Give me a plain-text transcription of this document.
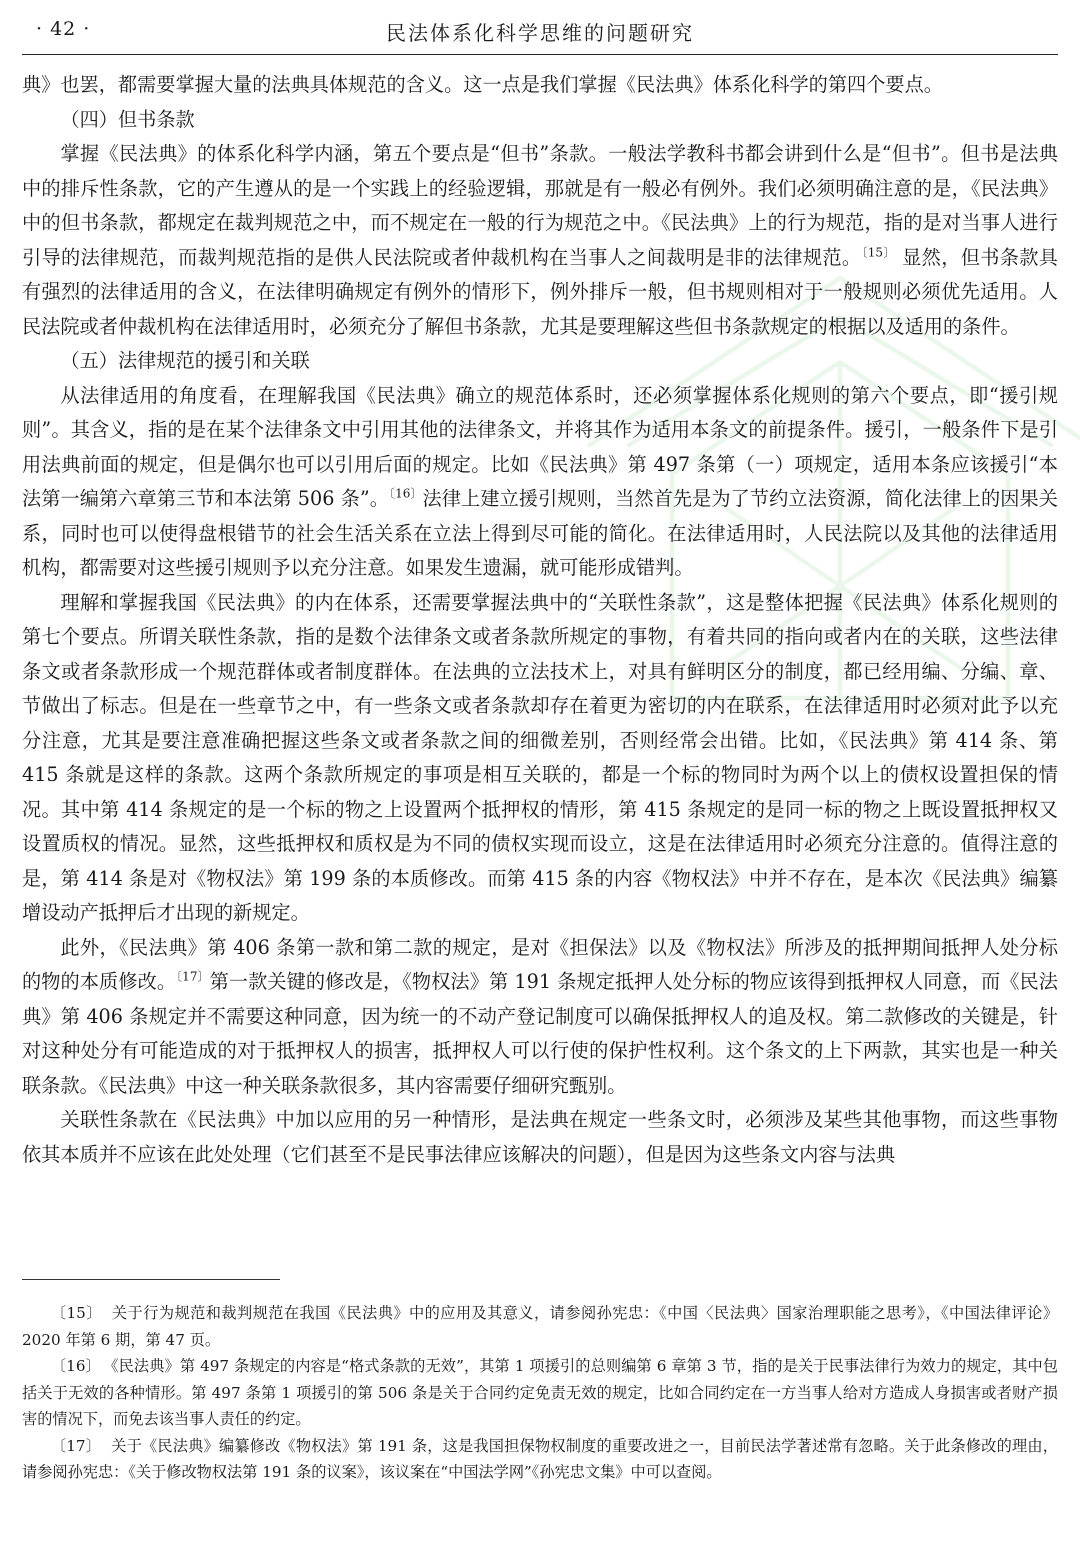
· 42 ·	民法体系化科学思维的问题研究

典》也罢，都需要掌握大量的法典具体规范的含义。这一点是我们掌握《民法典》体系化科学的第四个要点。

（四）但书条款

掌握《民法典》的体系化科学内涵，第五个要点是“但书”条款。一般法学教科书都会讲到什么是“但书”。但书是法典中的排斥性条款，它的产生遵从的是一个实践上的经验逻辑，那就是有一般必有例外。我们必须明确注意的是，《民法典》中的但书条款，都规定在裁判规范之中，而不规定在一般的行为规范之中。《民法典》上的行为规范，指的是对当事人进行引导的法律规范，而裁判规范指的是供人民法院或者仲裁机构在当事人之间裁明是非的法律规范。$^{〔15〕}$ 显然，但书条款具有强烈的法律适用的含义，在法律明确规定有例外的情形下，例外排斥一般，但书规则相对于一般规则必须优先适用。人民法院或者仲裁机构在法律适用时，必须充分了解但书条款，尤其是要理解这些但书条款规定的根据以及适用的条件。

（五）法律规范的援引和关联

从法律适用的角度看，在理解我国《民法典》确立的规范体系时，还必须掌握体系化规则的第六个要点，即“援引规则”。其含义，指的是在某个法律条文中引用其他的法律条文，并将其作为适用本条文的前提条件。援引，一般条件下是引用法典前面的规定，但是偶尔也可以引用后面的规定。比如《民法典》第 497 条第（一）项规定，适用本条应该援引“本法第一编第六章第三节和本法第 506 条”。$^{〔16〕}$法律上建立援引规则，当然首先是为了节约立法资源，简化法律上的因果关系，同时也可以使得盘根错节的社会生活关系在立法上得到尽可能的简化。在法律适用时，人民法院以及其他的法律适用机构，都需要对这些援引规则予以充分注意。如果发生遗漏，就可能形成错判。

理解和掌握我国《民法典》的内在体系，还需要掌握法典中的“关联性条款”，这是整体把握《民法典》体系化规则的第七个要点。所谓关联性条款，指的是数个法律条文或者条款所规定的事物，有着共同的指向或者内在的关联，这些法律条文或者条款形成一个规范群体或者制度群体。在法典的立法技术上，对具有鲜明区分的制度，都已经用编、分编、章、节做出了标志。但是在一些章节之中，有一些条文或者条款却存在着更为密切的内在联系，在法律适用时必须对此予以充分注意，尤其是要注意准确把握这些条文或者条款之间的细微差别，否则经常会出错。比如，《民法典》第 414 条、第 415 条就是这样的条款。这两个条款所规定的事项是相互关联的，都是一个标的物同时为两个以上的债权设置担保的情况。其中第 414 条规定的是一个标的物之上设置两个抵押权的情形，第 415 条规定的是同一标的物之上既设置抵押权又设置质权的情况。显然，这些抵押权和质权是为不同的债权实现而设立，这是在法律适用时必须充分注意的。值得注意的是，第 414 条是对《物权法》第 199 条的本质修改。而第 415 条的内容《物权法》中并不存在，是本次《民法典》编纂增设动产抵押后才出现的新规定。

此外，《民法典》第 406 条第一款和第二款的规定，是对《担保法》以及《物权法》所涉及的抵押期间抵押人处分标的物的本质修改。$^{〔17〕}$第一款关键的修改是，《物权法》第 191 条规定抵押人处分标的物应该得到抵押权人同意，而《民法典》第 406 条规定并不需要这种同意，因为统一的不动产登记制度可以确保抵押权人的追及权。第二款修改的关键是，针对这种处分有可能造成的对于抵押权人的损害，抵押权人可以行使的保护性权利。这个条文的上下两款，其实也是一种关联条款。《民法典》中这一种关联条款很多，其内容需要仔细研究甄别。

关联性条款在《民法典》中加以应用的另一种情形，是法典在规定一些条文时，必须涉及某些其他事物，而这些事物依其本质并不应该在此处处理（它们甚至不是民事法律应该解决的问题），但是因为这些条文内容与法典

〔15〕 关于行为规范和裁判规范在我国《民法典》中的应用及其意义，请参阅孙宪忠：《中国〈民法典〉国家治理职能之思考》，《中国法律评论》2020 年第 6 期，第 47 页。

〔16〕 《民法典》第 497 条规定的内容是“格式条款的无效”，其第 1 项援引的总则编第 6 章第 3 节，指的是关于民事法律行为效力的规定，其中包括关于无效的各种情形。第 497 条第 1 项援引的第 506 条是关于合同约定免责无效的规定，比如合同约定在一方当事人给对方造成人身损害或者财产损害的情况下，而免去该当事人责任的约定。

〔17〕 关于《民法典》编纂修改《物权法》第 191 条，这是我国担保物权制度的重要改进之一，目前民法学著述常有忽略。关于此条修改的理由，请参阅孙宪忠：《关于修改物权法第 191 条的议案》，该议案在“中国法学网”《孙宪忠文集》中可以查阅。
